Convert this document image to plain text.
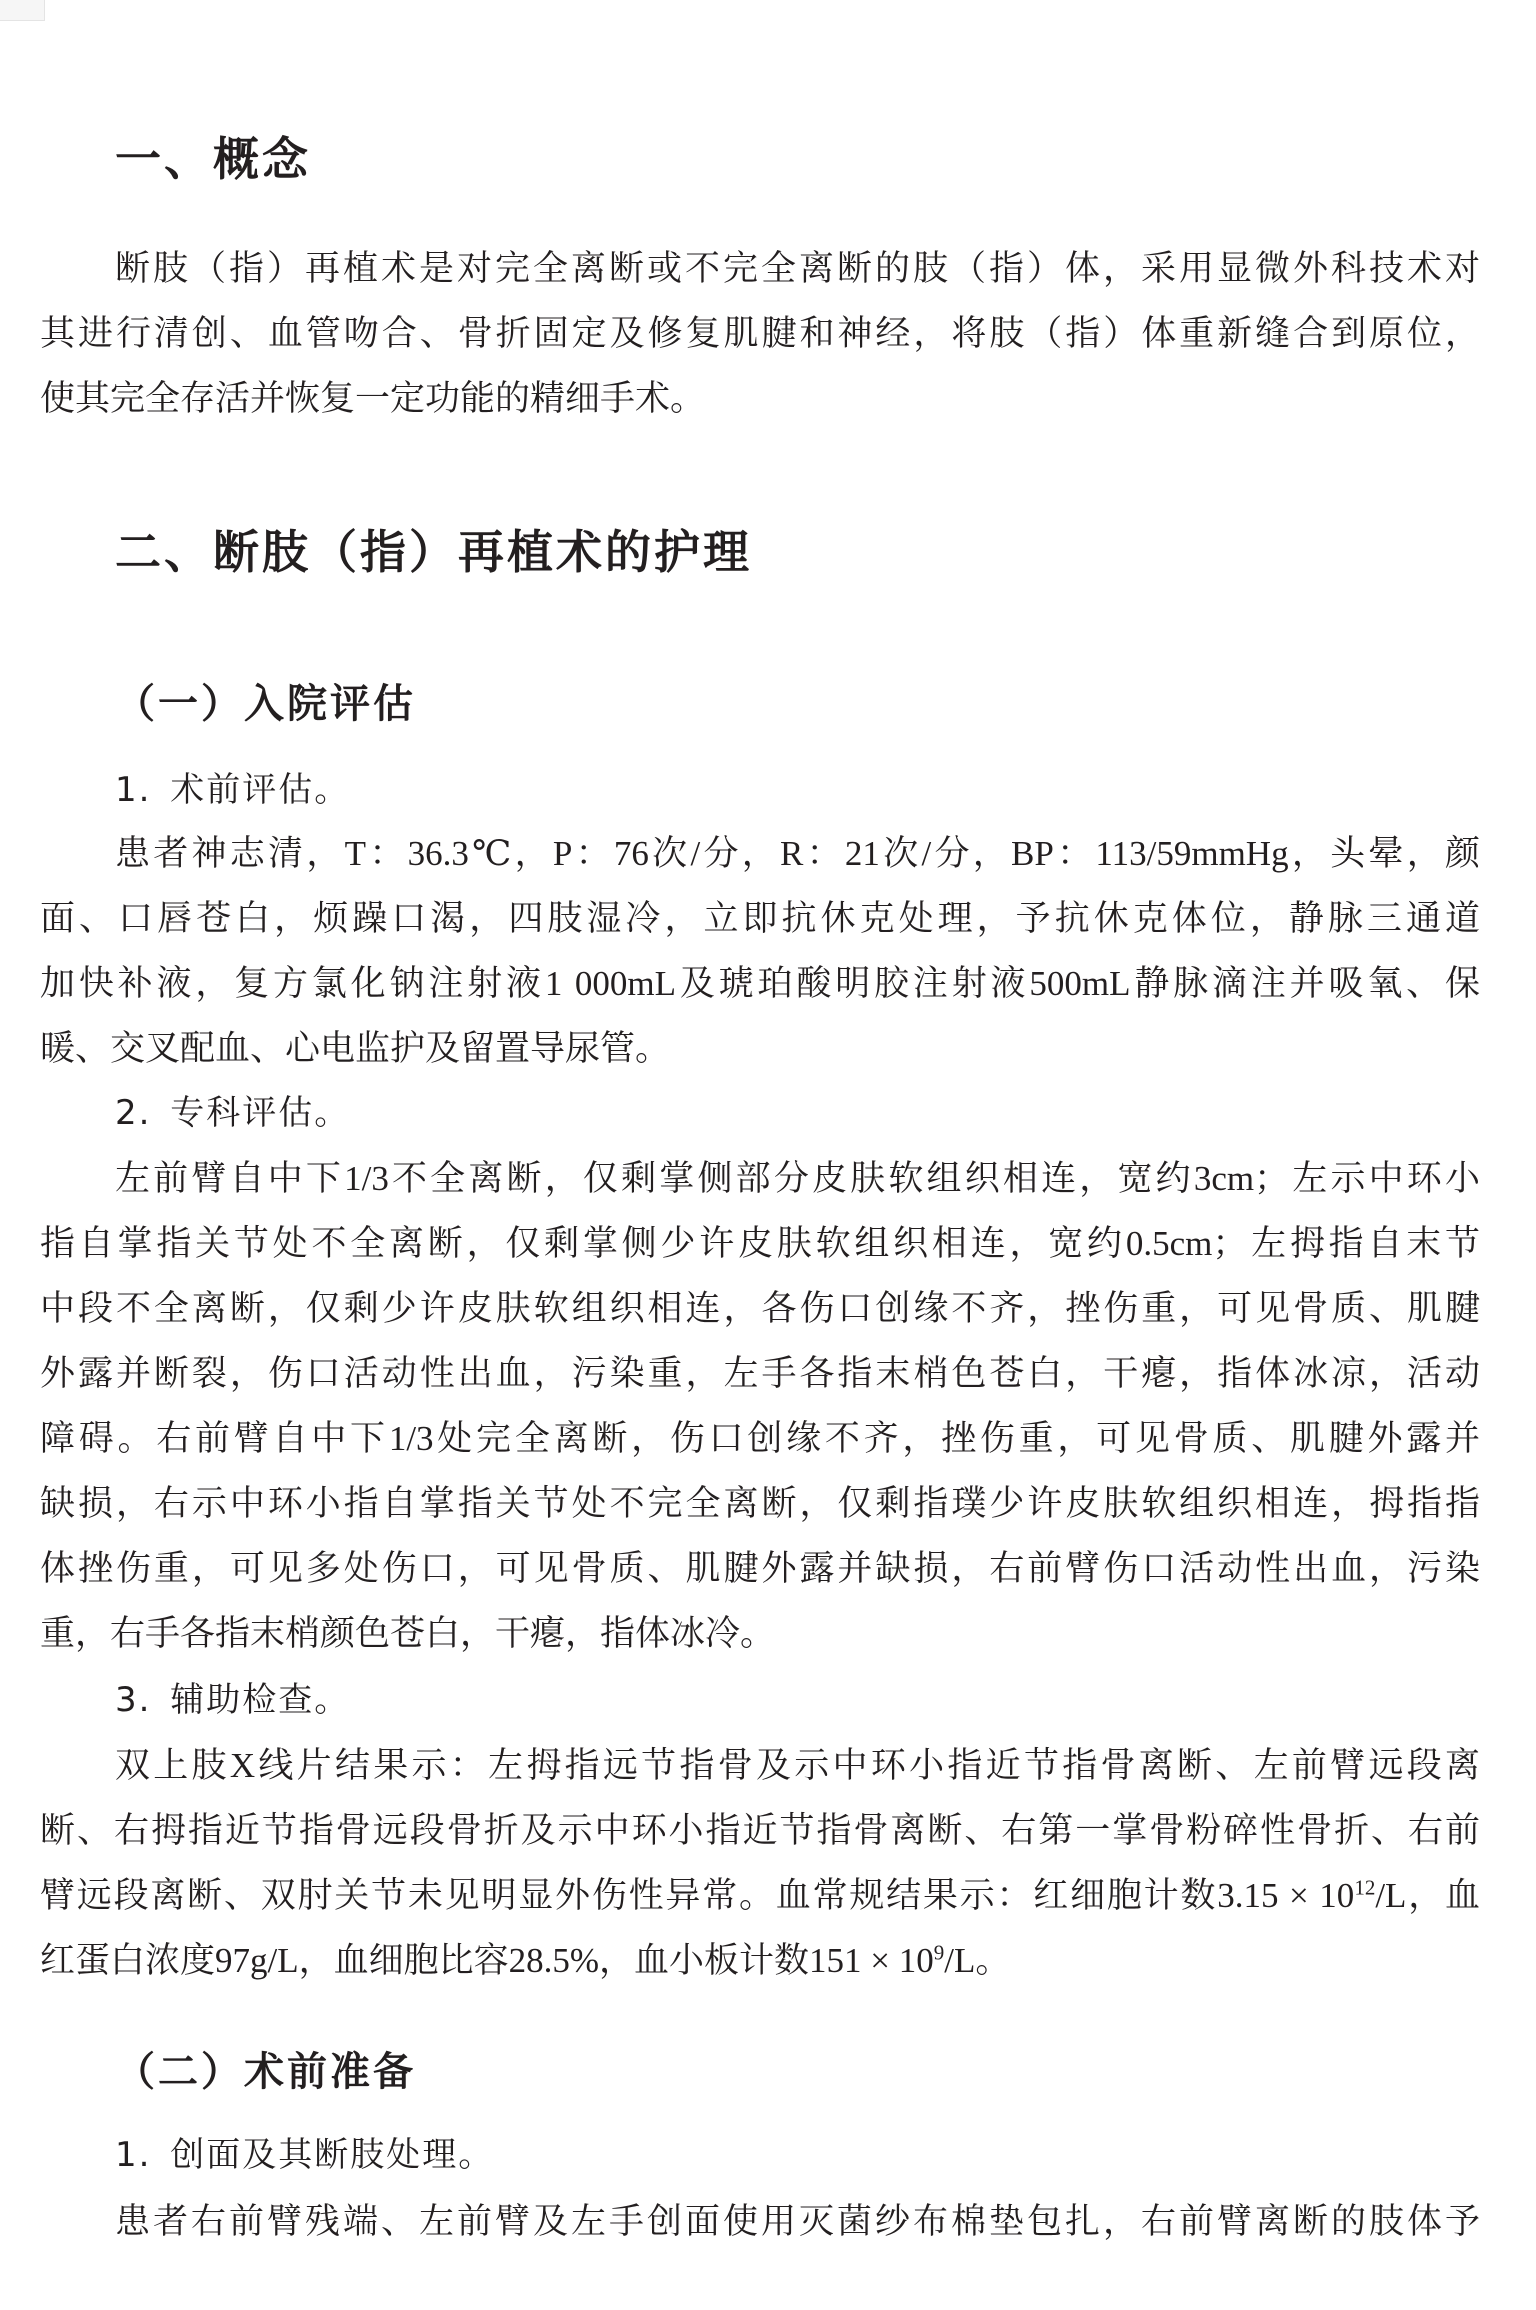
一、概念
断肢（指）再植术是对完全离断或不完全离断的肢（指）体，采用显微外科技术对
其进行清创、血管吻合、骨折固定及修复肌腱和神经，将肢（指）体重新缝合到原位，
使其完全存活并恢复一定功能的精细手术。
二、断肢（指）再植术的护理
（一）入院评估
1. 术前评估。
患者神志清，T：36.3℃，P：76次/分，R：21次/分，BP：113/59mmHg，头晕，颜
面、口唇苍白，烦躁口渴，四肢湿冷，立即抗休克处理，予抗休克体位，静脉三通道
加快补液，复方氯化钠注射液1 000mL及琥珀酸明胶注射液500mL静脉滴注并吸氧、保
暖、交叉配血、心电监护及留置导尿管。
2. 专科评估。
左前臂自中下1/3不全离断，仅剩掌侧部分皮肤软组织相连，宽约3cm；左示中环小
指自掌指关节处不全离断，仅剩掌侧少许皮肤软组织相连，宽约0.5cm；左拇指自末节
中段不全离断，仅剩少许皮肤软组织相连，各伤口创缘不齐，挫伤重，可见骨质、肌腱
外露并断裂，伤口活动性出血，污染重，左手各指末梢色苍白，干瘪，指体冰凉，活动
障碍。右前臂自中下1/3处完全离断，伤口创缘不齐，挫伤重，可见骨质、肌腱外露并
缺损，右示中环小指自掌指关节处不完全离断，仅剩指璞少许皮肤软组织相连，拇指指
体挫伤重，可见多处伤口，可见骨质、肌腱外露并缺损，右前臂伤口活动性出血，污染
重，右手各指末梢颜色苍白，干瘪，指体冰冷。
3. 辅助检查。
双上肢X线片结果示：左拇指远节指骨及示中环小指近节指骨离断、左前臂远段离
断、右拇指近节指骨远段骨折及示中环小指近节指骨离断、右第一掌骨粉碎性骨折、右前
臂远段离断、双肘关节未见明显外伤性异常。血常规结果示：红细胞计数$3.15 \times 10^{12}/L$，血
红蛋白浓度97g/L，血细胞比容28.5%，血小板计数$151 \times 10^9/L$。
（二）术前准备
1. 创面及其断肢处理。
患者右前臂残端、左前臂及左手创面使用灭菌纱布棉垫包扎，右前臂离断的肢体予
